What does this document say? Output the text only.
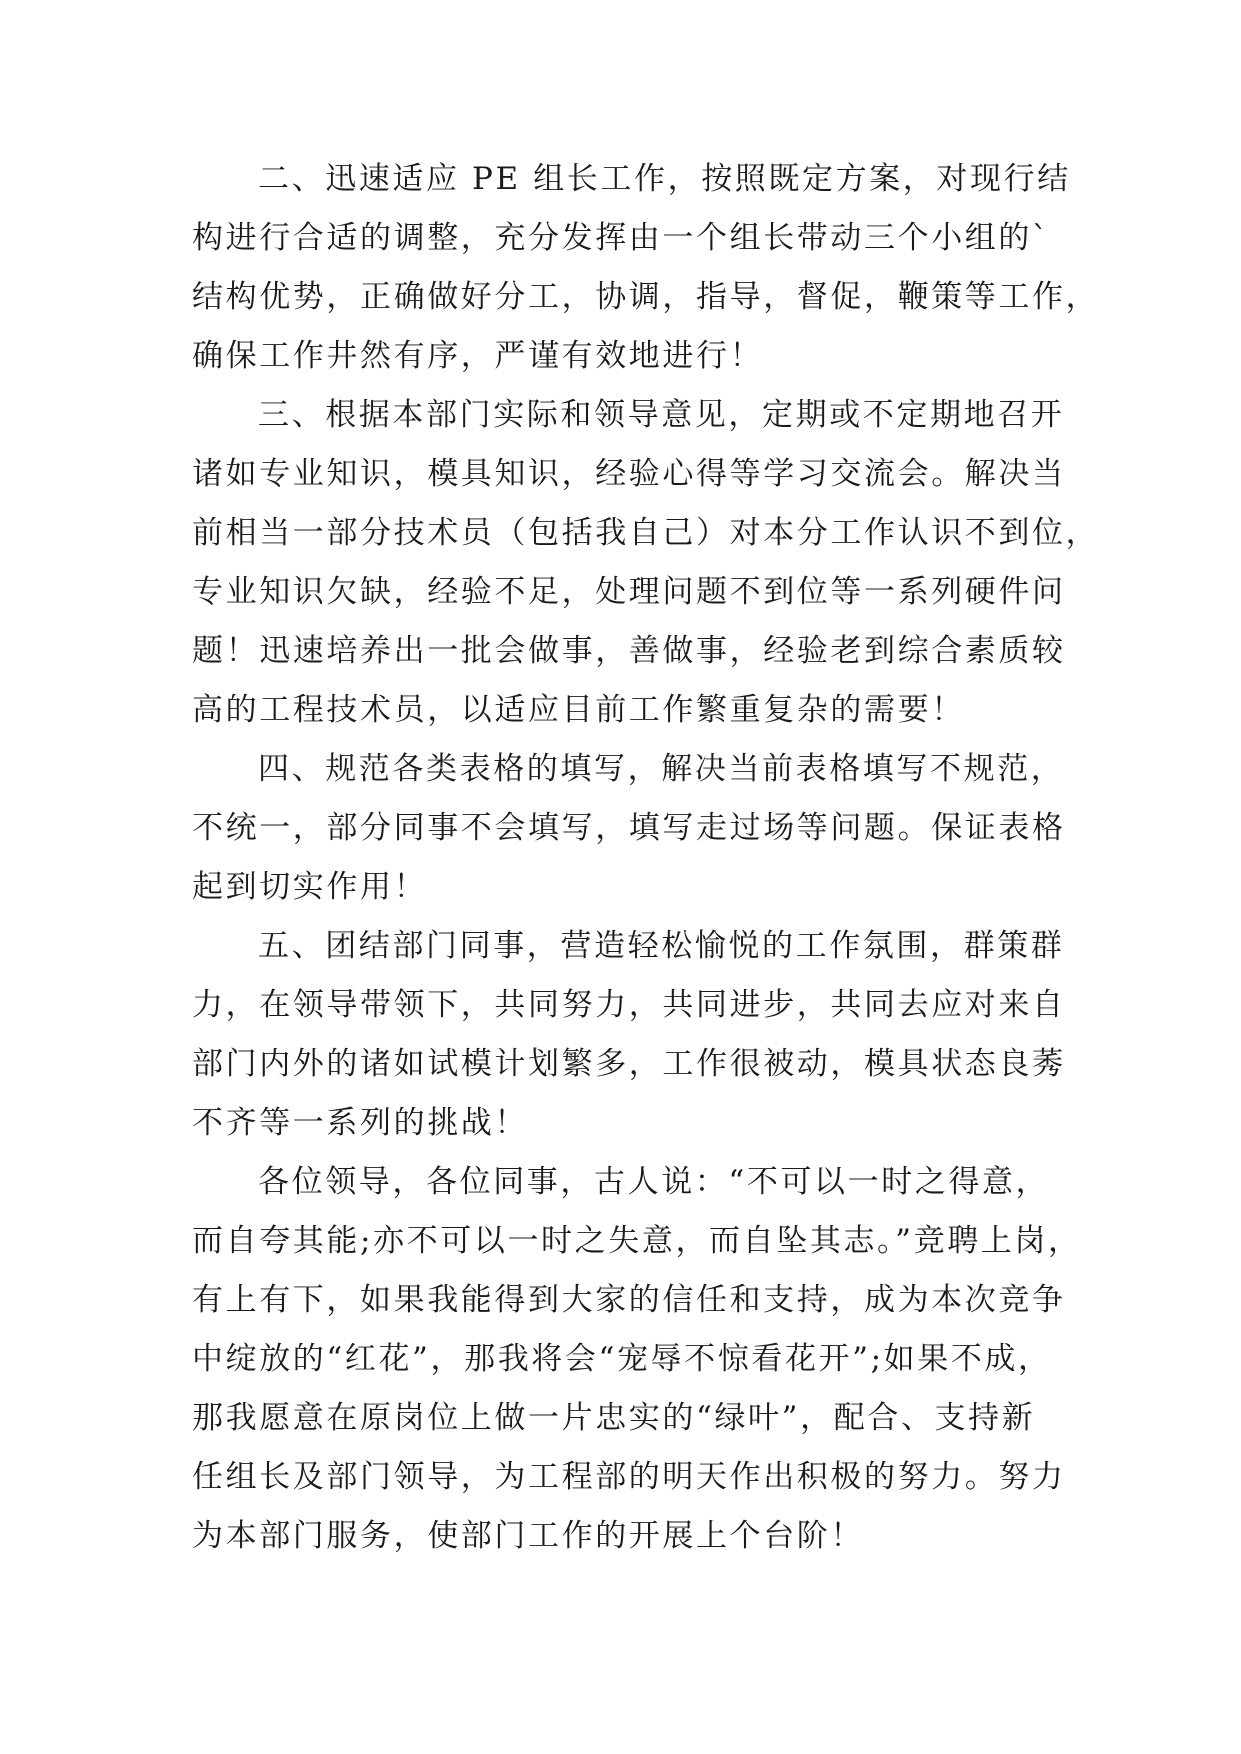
二、迅速适应 PE 组长工作，按照既定方案，对现行结
构进行合适的调整，充分发挥由一个组长带动三个小组的`
结构优势，正确做好分工，协调，指导，督促，鞭策等工作，
确保工作井然有序，严谨有效地进行！
三、根据本部门实际和领导意见，定期或不定期地召开
诸如专业知识，模具知识，经验心得等学习交流会。解决当
前相当一部分技术员（包括我自己）对本分工作认识不到位，
专业知识欠缺，经验不足，处理问题不到位等一系列硬件问
题！迅速培养出一批会做事，善做事，经验老到综合素质较
高的工程技术员，以适应目前工作繁重复杂的需要！
四、规范各类表格的填写，解决当前表格填写不规范，
不统一，部分同事不会填写，填写走过场等问题。保证表格
起到切实作用！
五、团结部门同事，营造轻松愉悦的工作氛围，群策群
力，在领导带领下，共同努力，共同进步，共同去应对来自
部门内外的诸如试模计划繁多，工作很被动，模具状态良莠
不齐等一系列的挑战！
各位领导，各位同事，古人说：“不可以一时之得意，
而自夸其能;亦不可以一时之失意，而自坠其志。”竞聘上岗，
有上有下，如果我能得到大家的信任和支持，成为本次竞争
中绽放的“红花”，那我将会“宠辱不惊看花开”;如果不成，
那我愿意在原岗位上做一片忠实的“绿叶”，配合、支持新
任组长及部门领导，为工程部的明天作出积极的努力。努力
为本部门服务，使部门工作的开展上个台阶！
